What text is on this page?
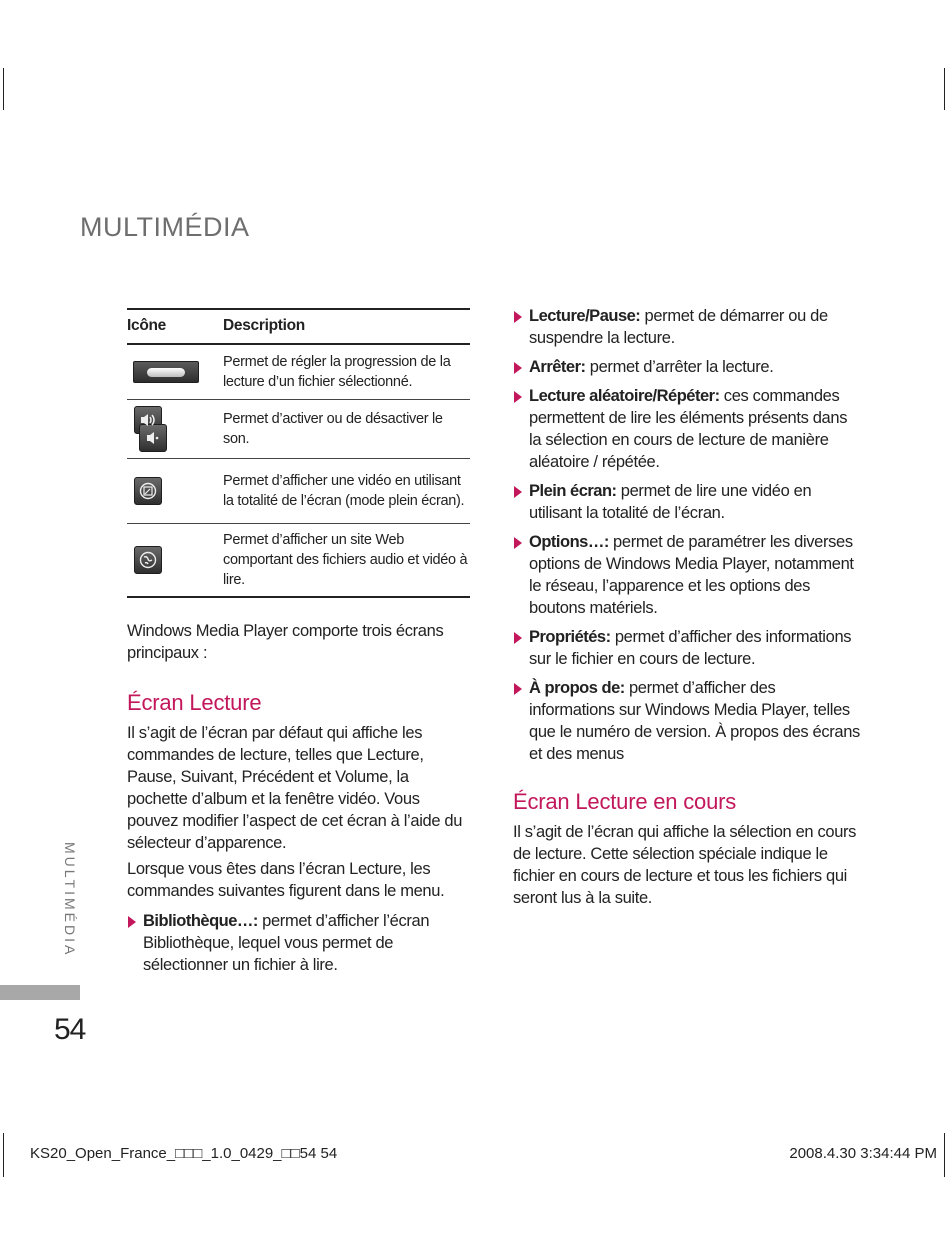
MULTIMÉDIA
Icône	Description

	Permet de régler la progression de la lecture d’un fichier sélectionné.

	Permet d’activer ou de désactiver le son.

	Permet d’afficher une vidéo en utilisant la totalité de l’écran (mode plein écran).

	Permet d’afficher un site Web comportant des fichiers audio et vidéo à lire.

Windows Media Player comporte trois écrans principaux :

Écran Lecture

Il s’agit de l’écran par défaut qui affiche les commandes de lecture, telles que Lecture, Pause, Suivant, Précédent et Volume, la pochette d’album et la fenêtre vidéo. Vous pouvez modifier l’aspect de cet écran à l’aide du sélecteur d’apparence.

Lorsque vous êtes dans l’écran Lecture, les commandes suivantes figurent dans le menu.

Bibliothèque…: permet d’afficher l’écran Bibliothèque, lequel vous permet de sélectionner un fichier à lire.
Lecture/Pause: permet de démarrer ou de suspendre la lecture.
Arrêter: permet d’arrêter la lecture.
Lecture aléatoire/Répéter: ces commandes permettent de lire les éléments présents dans la sélection en cours de lecture de manière aléatoire / répétée.
Plein écran: permet de lire une vidéo en utilisant la totalité de l’écran.
Options…: permet de paramétrer les diverses options de Windows Media Player, notamment le réseau, l’apparence et les options des boutons matériels.
Propriétés: permet d’afficher des informations sur le fichier en cours de lecture.
À propos de: permet d’afficher des informations sur Windows Media Player, telles que le numéro de version. À propos des écrans et des menus
Écran Lecture en cours

Il s’agit de l’écran qui affiche la sélection en cours de lecture. Cette sélection spéciale indique le fichier en cours de lecture et tous les fichiers qui seront lus à la suite.

MULTIMÉDIA
54
KS20_Open_France_□□□_1.0_0429_□□54 54	2008.4.30 3:34:44 PM
